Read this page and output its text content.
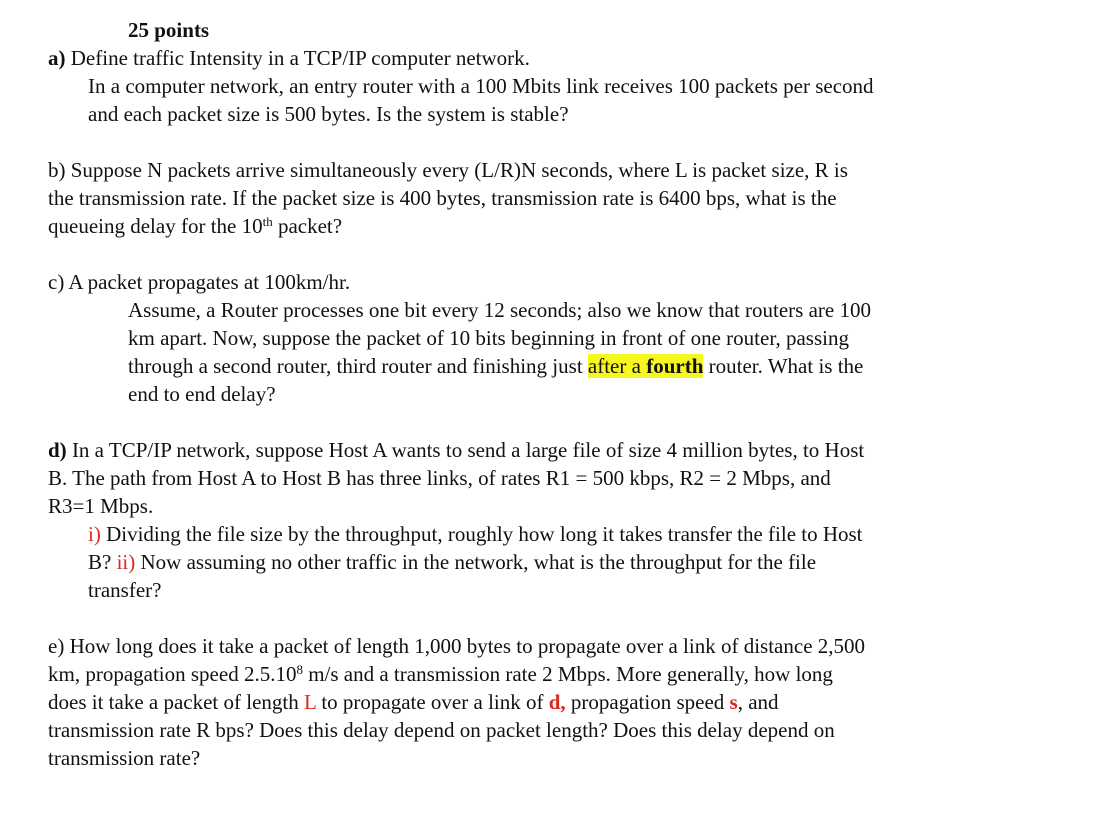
25 points
a) Define traffic Intensity in a TCP/IP computer network.
In a computer network, an entry router with a 100 Mbits link receives 100 packets per second
and each packet size is 500 bytes. Is the system is stable?
b) Suppose N packets arrive simultaneously every (L/R)N seconds, where L is packet size, R is
the transmission rate. If the packet size is 400 bytes, transmission rate is 6400 bps, what is the
queueing delay for the 10th packet?
c) A packet propagates at 100km/hr.
Assume, a Router processes one bit every 12 seconds; also we know that routers are 100
km apart. Now, suppose the packet of 10 bits beginning in front of one router, passing
through a second router, third router and finishing just after a fourth router. What is the
end to end delay?
d) In a TCP/IP network, suppose Host A wants to send a large file of size 4 million bytes, to Host
B. The path from Host A to Host B has three links, of rates R1 = 500 kbps, R2 = 2 Mbps, and
R3=1 Mbps.
i) Dividing the file size by the throughput, roughly how long it takes transfer the file to Host
B? ii) Now assuming no other traffic in the network, what is the throughput for the file
transfer?
e) How long does it take a packet of length 1,000 bytes to propagate over a link of distance 2,500
km, propagation speed 2.5.10$^8$ m/s and a transmission rate 2 Mbps. More generally, how long
does it take a packet of length L to propagate over a link of d, propagation speed s, and
transmission rate R bps? Does this delay depend on packet length? Does this delay depend on
transmission rate?
